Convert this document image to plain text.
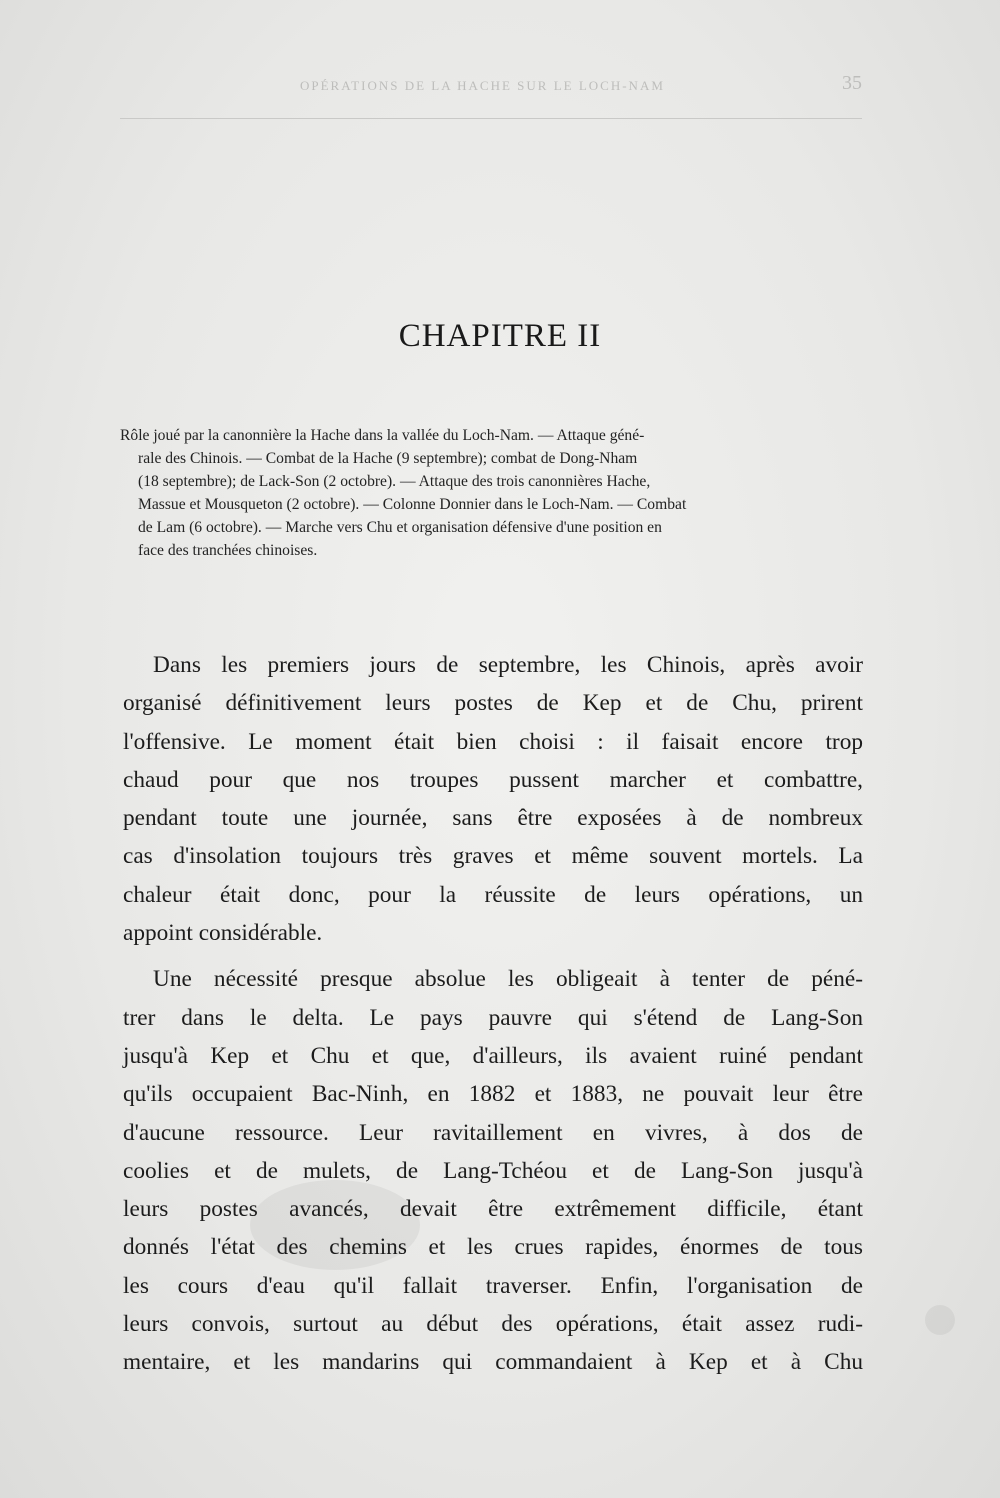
OPÉRATIONS DE LA HACHE SUR LE LOCH-NAM	35
CHAPITRE II
Rôle joué par la canonnière la Hache dans la vallée du Loch-Nam. — Attaque géné-
rale des Chinois. — Combat de la Hache (9 septembre); combat de Dong-Nham
(18 septembre); de Lack-Son (2 octobre). — Attaque des trois canonnières Hache,
Massue et Mousqueton (2 octobre). — Colonne Donnier dans le Loch-Nam. — Combat
de Lam (6 octobre). — Marche vers Chu et organisation défensive d'une position en
face des tranchées chinoises.
Dans les premiers jours de septembre, les Chinois, après avoir
organisé définitivement leurs postes de Kep et de Chu, prirent
l'offensive. Le moment était bien choisi : il faisait encore trop
chaud pour que nos troupes pussent marcher et combattre,
pendant toute une journée, sans être exposées à de nombreux
cas d'insolation toujours très graves et même souvent mortels. La
chaleur était donc, pour la réussite de leurs opérations, un
appoint considérable.
Une nécessité presque absolue les obligeait à tenter de péné-
trer dans le delta. Le pays pauvre qui s'étend de Lang-Son
jusqu'à Kep et Chu et que, d'ailleurs, ils avaient ruiné pendant
qu'ils occupaient Bac-Ninh, en 1882 et 1883, ne pouvait leur être
d'aucune ressource. Leur ravitaillement en vivres, à dos de
coolies et de mulets, de Lang-Tchéou et de Lang-Son jusqu'à
leurs postes avancés, devait être extrêmement difficile, étant
donnés l'état des chemins et les crues rapides, énormes de tous
les cours d'eau qu'il fallait traverser. Enfin, l'organisation de
leurs convois, surtout au début des opérations, était assez rudi-
mentaire, et les mandarins qui commandaient à Kep et à Chu
